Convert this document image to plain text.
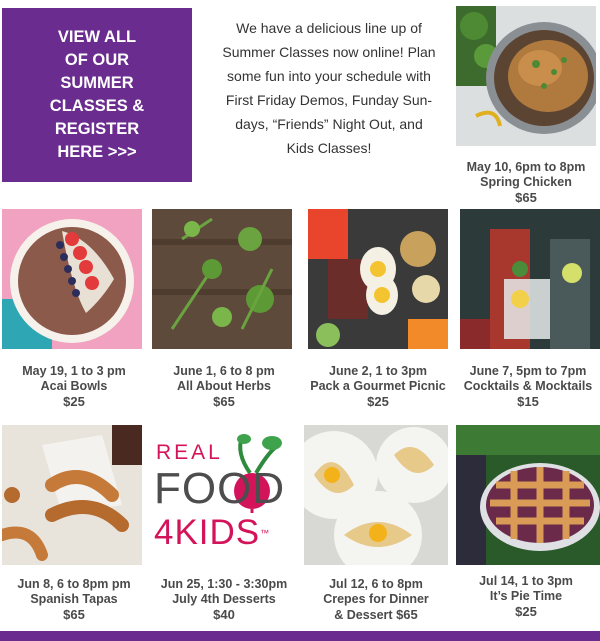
VIEW ALL
OF OUR
SUMMER
CLASSES &
REGISTER
HERE >>>

We have a delicious line up of Summer Classes now online! Plan some fun into your schedule with First Friday Demos, Funday Sun-days, “Friends” Night Out, and Kids Classes!

May 10, 6pm to 8pm
Spring Chicken
$65
May 19, 1 to 3 pm
Acai Bowls
$25
June 1, 6 to 8 pm
All About Herbs
$65
June 2, 1 to 3pm
Pack a Gourmet Picnic
$25
June 7, 5pm to 7pm
Cocktails & Mocktails
$15
REAL
FOOD
4KIDS™
Jun 8, 6 to 8pm pm
Spanish Tapas
$65
Jun 25, 1:30 - 3:30pm
July 4th Desserts
$40
Jul 12, 6 to 8pm
Crepes for Dinner
& Dessert $65
Jul 14, 1 to 3pm
It’s Pie Time
$25
